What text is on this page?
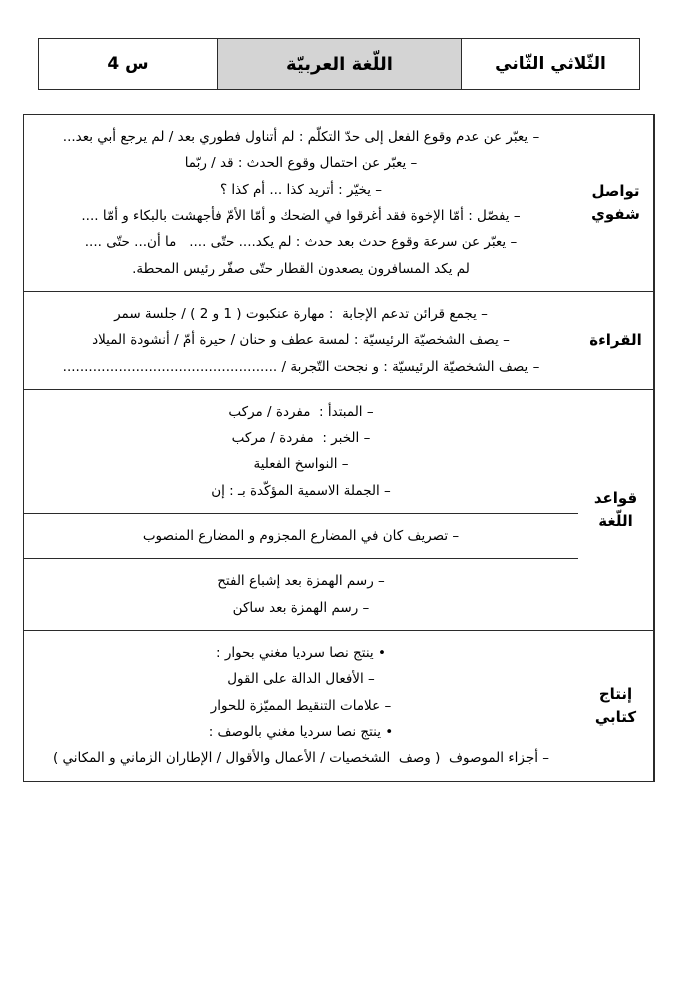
الثّلاثي الثّاني
اللّغة العربيّة
س 4
تواصل
شفوي
– يعبّر عن عدم وقوع الفعل إلى حدّ التكلّم : لم أتناول فطوري بعد / لم يرجع أبي بعد...
– يعبّر عن احتمال وقوع الحدث : قد / ربّما
– يخيّر : أتريد كذا ... أم كذا ؟
– يفصّل : أمّا الإخوة فقد أغرقوا في الضحك و أمّا الأمّ فأجهشت بالبكاء و أمّا ....
– يعبّر عن سرعة وقوع حدث بعد حدث : لم يكد.... حتّى ....   ما أن... حتّى ....
لم يكد المسافرون يصعدون القطار حتّى صفّر رئيس المحطة.
القراءة
– يجمع قرائن تدعم الإجابة  : مهارة عنكبوت ( 1 و 2 ) / جلسة سمر
– يصف الشخصيّة الرئيسيّة : لمسة عطف و حنان / حيرة أمّ / أنشودة الميلاد
– يصف الشخصيّة الرئيسيّة : و نجحت التّجربة / ..................................................
قواعد
اللّغة
– المبتدأ :  مفردة / مركب
– الخبر :  مفردة / مركب
– النواسخ الفعلية
– الجملة الاسمية المؤكّدة بـ : إن
– تصريف كان في المضارع المجزوم و المضارع المنصوب
– رسم الهمزة بعد إشباع الفتح
– رسم الهمزة بعد ساكن
إنتاج
كتابي
• ينتج نصا سرديا مغني بحوار :
– الأفعال الدالة على القول
– علامات التنقيط المميّزة للحوار
• ينتج نصا سرديا مغني بالوصف :
– أجزاء الموصوف  ( وصف  الشخصيات / الأعمال والأقوال / الإطاران الزماني و المكاني )
